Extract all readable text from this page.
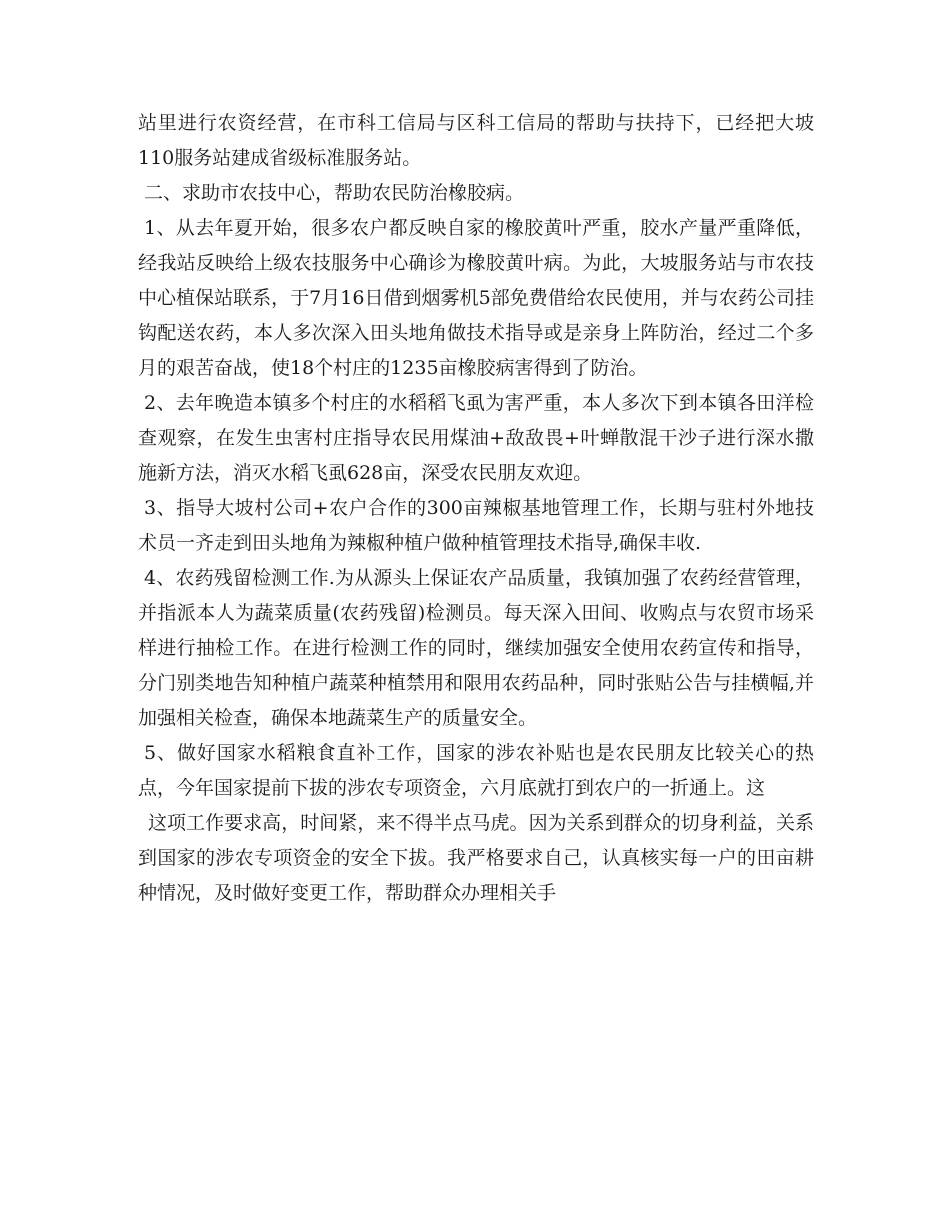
站里进行农资经营，在市科工信局与区科工信局的帮助与扶持下，已经把大坡110服务站建成省级标准服务站。

二、求助市农技中心，帮助农民防治橡胶病。

1、从去年夏开始，很多农户都反映自家的橡胶黄叶严重，胶水产量严重降低，经我站反映给上级农技服务中心确诊为橡胶黄叶病。为此，大坡服务站与市农技中心植保站联系，于7月16日借到烟雾机5部免费借给农民使用，并与农药公司挂钩配送农药，本人多次深入田头地角做技术指导或是亲身上阵防治，经过二个多月的艰苦奋战，使18个村庄的1235亩橡胶病害得到了防治。

2、去年晚造本镇多个村庄的水稻稻飞虱为害严重，本人多次下到本镇各田洋检查观察，在发生虫害村庄指导农民用煤油+敌敌畏+叶蝉散混干沙子进行深水撒施新方法，消灭水稻飞虱628亩，深受农民朋友欢迎。

3、指导大坡村公司+农户合作的300亩辣椒基地管理工作，长期与驻村外地技术员一齐走到田头地角为辣椒种植户做种植管理技术指导,确保丰收.

4、农药残留检测工作.为从源头上保证农产品质量，我镇加强了农药经营管理，并指派本人为蔬菜质量(农药残留)检测员。每天深入田间、收购点与农贸市场采样进行抽检工作。在进行检测工作的同时，继续加强安全使用农药宣传和指导，分门别类地告知种植户蔬菜种植禁用和限用农药品种，同时张贴公告与挂横幅,并加强相关检查，确保本地蔬菜生产的质量安全。

5、做好国家水稻粮食直补工作，国家的涉农补贴也是农民朋友比较关心的热点，今年国家提前下拔的涉农专项资金，六月底就打到农户的一折通上。这

这项工作要求高，时间紧，来不得半点马虎。因为关系到群众的切身利益，关系到国家的涉农专项资金的安全下拔。我严格要求自己，认真核实每一户的田亩耕种情况，及时做好变更工作，帮助群众办理相关手
